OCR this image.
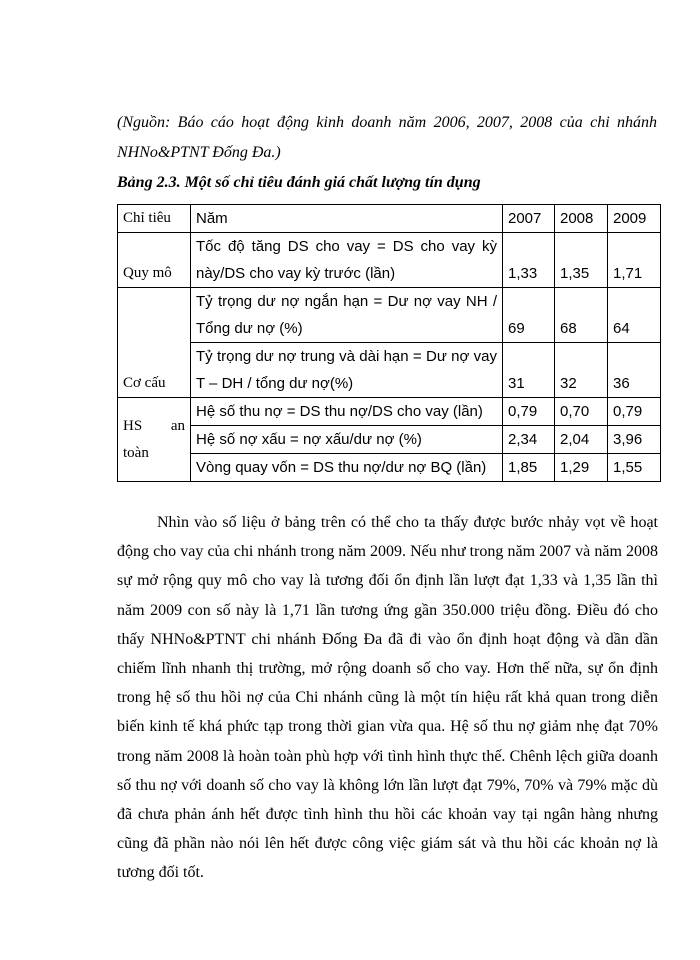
(Nguồn: Báo cáo hoạt động kinh doanh năm 2006, 2007, 2008 của chi nhánh NHNo&PTNT Đống Đa.)
Bảng 2.3. Một số chỉ tiêu đánh giá chất lượng tín dụng
Chỉ tiêu	Năm	2007	2008	2009
Quy mô	Tốc độ tăng DS cho vay = DS cho vay kỳ này/DS cho vay kỳ trước (lần)	1,33	1,35	1,71
Cơ cấu	Tỷ trọng dư nợ ngắn hạn = Dư nợ vay NH / Tổng dư nợ (%)	69	68	64
	Tỷ trọng dư nợ trung và dài hạn = Dư nợ vay T – DH / tổng dư nợ(%)	31	32	36

HS an
toàn	Hệ số thu nợ = DS thu nợ/DS cho vay (lần)	0,79	0,70	0,79
	Hệ số nợ xấu = nợ xấu/dư nợ (%)	2,34	2,04	3,96
	Vòng quay vốn = DS thu nợ/dư nợ BQ (lần)	1,85	1,29	1,55
Nhìn vào số liệu ở bảng trên có thể cho ta thấy được bước nhảy vọt về hoạt động cho vay của chi nhánh trong năm 2009. Nếu như trong năm 2007 và năm 2008 sự mở rộng quy mô cho vay là tương đối ổn định lần lượt đạt 1,33 và 1,35 lần thì năm 2009 con số này là 1,71 lần tương ứng gần 350.000 triệu đồng. Điều đó cho thấy NHNo&PTNT chi nhánh Đống Đa đã đi vào ổn định hoạt động và dần dần chiếm lĩnh nhanh thị trường, mở rộng doanh số cho vay. Hơn thế nữa, sự ổn định trong hệ số thu hồi nợ của Chi nhánh cũng là một tín hiệu rất khả quan trong diễn biến kinh tế khá phức tạp trong thời gian vừa qua. Hệ số thu nợ giảm nhẹ đạt 70% trong năm 2008 là hoàn toàn phù hợp với tình hình thực thế. Chênh lệch giữa doanh số thu nợ với doanh số cho vay là không lớn lần lượt đạt 79%, 70% và 79% mặc dù đã chưa phản ánh hết được tình hình thu hồi các khoản vay tại ngân hàng nhưng cũng đã phần nào nói lên hết được công việc giám sát và thu hồi các khoản nợ là tương đối tốt.
